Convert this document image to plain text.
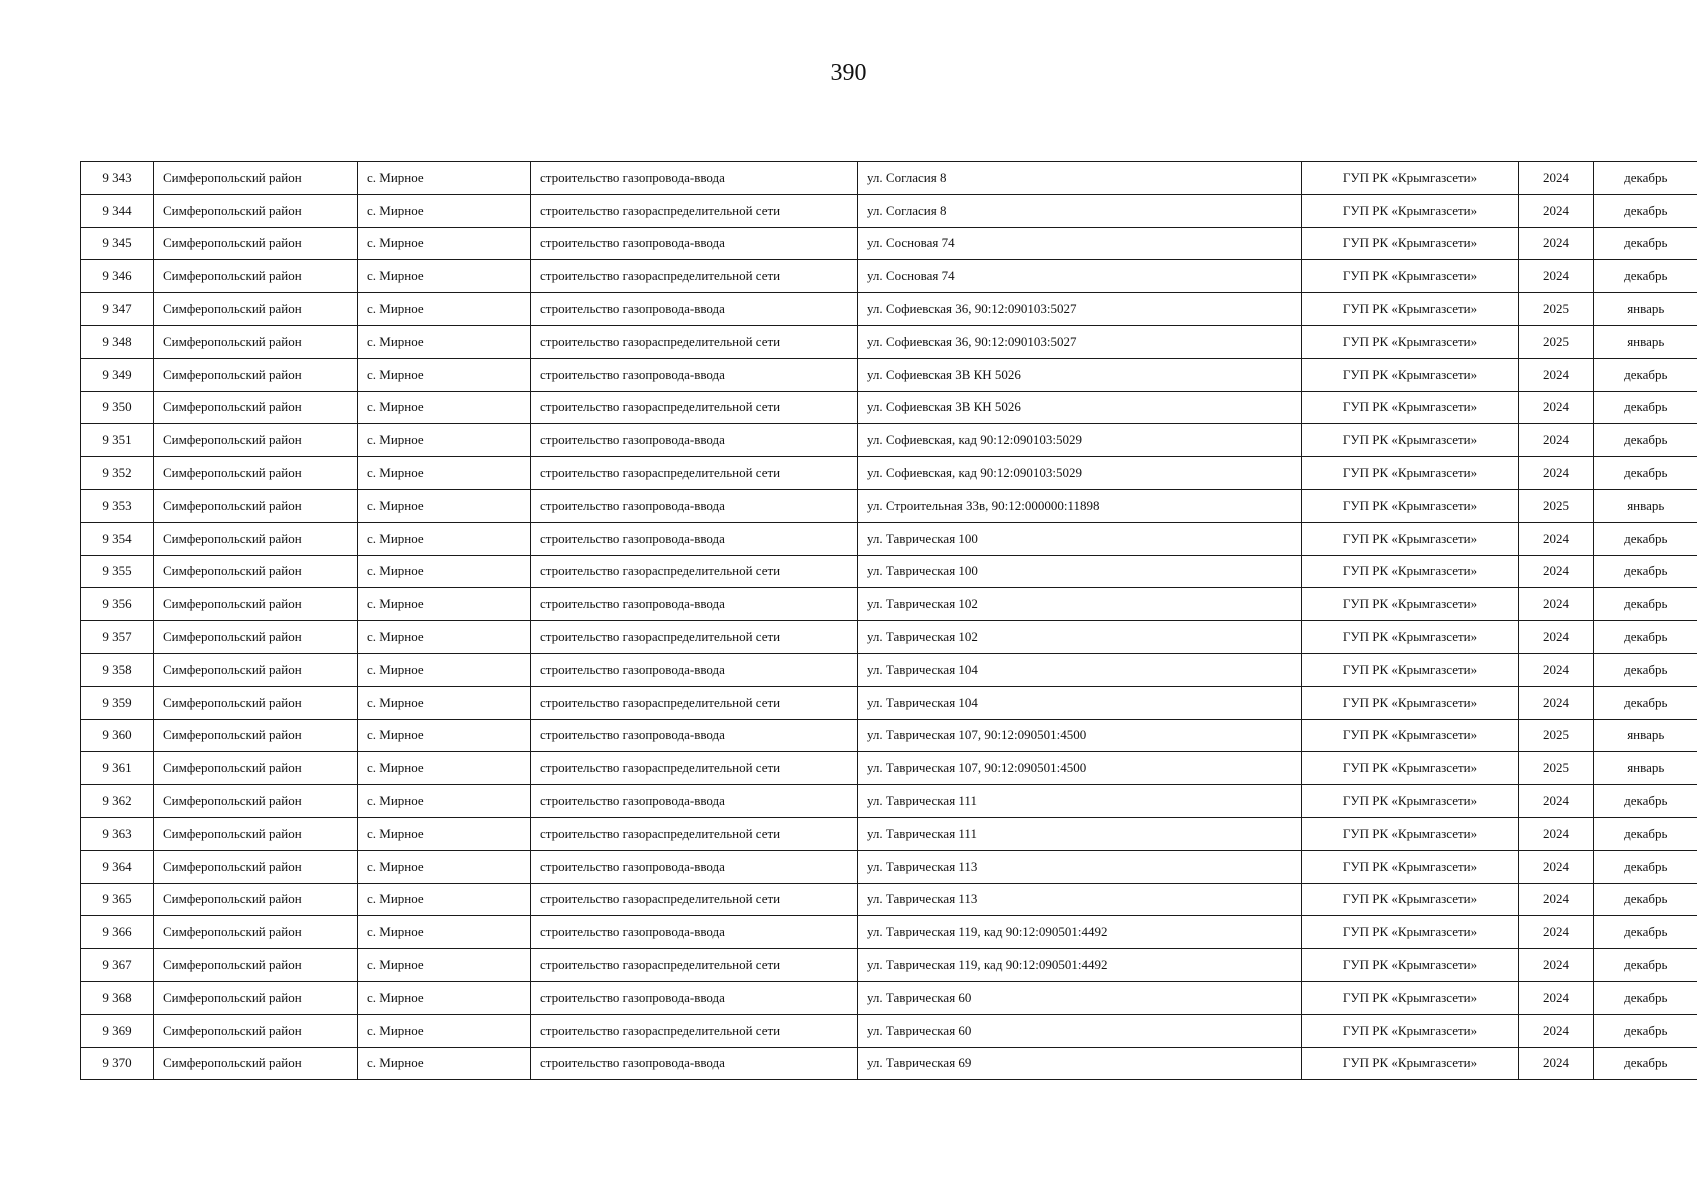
390
9 343	Симферопольский район	с. Мирное	строительство газопровода-ввода	ул. Согласия 8	ГУП РК «Крымгазсети»	2024	декабрь
9 344	Симферопольский район	с. Мирное	строительство газораспределительной сети	ул. Согласия 8	ГУП РК «Крымгазсети»	2024	декабрь
9 345	Симферопольский район	с. Мирное	строительство газопровода-ввода	ул. Сосновая 74	ГУП РК «Крымгазсети»	2024	декабрь
9 346	Симферопольский район	с. Мирное	строительство газораспределительной сети	ул. Сосновая 74	ГУП РК «Крымгазсети»	2024	декабрь
9 347	Симферопольский район	с. Мирное	строительство газопровода-ввода	ул. Софиевская 36, 90:12:090103:5027	ГУП РК «Крымгазсети»	2025	январь
9 348	Симферопольский район	с. Мирное	строительство газораспределительной сети	ул. Софиевская 36, 90:12:090103:5027	ГУП РК «Крымгазсети»	2025	январь
9 349	Симферопольский район	с. Мирное	строительство газопровода-ввода	ул. Софиевская 3В КН 5026	ГУП РК «Крымгазсети»	2024	декабрь
9 350	Симферопольский район	с. Мирное	строительство газораспределительной сети	ул. Софиевская 3В КН 5026	ГУП РК «Крымгазсети»	2024	декабрь
9 351	Симферопольский район	с. Мирное	строительство газопровода-ввода	ул. Софиевская, кад 90:12:090103:5029	ГУП РК «Крымгазсети»	2024	декабрь
9 352	Симферопольский район	с. Мирное	строительство газораспределительной сети	ул. Софиевская, кад 90:12:090103:5029	ГУП РК «Крымгазсети»	2024	декабрь
9 353	Симферопольский район	с. Мирное	строительство газопровода-ввода	ул. Строительная 33в, 90:12:000000:11898	ГУП РК «Крымгазсети»	2025	январь
9 354	Симферопольский район	с. Мирное	строительство газопровода-ввода	ул. Таврическая 100	ГУП РК «Крымгазсети»	2024	декабрь
9 355	Симферопольский район	с. Мирное	строительство газораспределительной сети	ул. Таврическая 100	ГУП РК «Крымгазсети»	2024	декабрь
9 356	Симферопольский район	с. Мирное	строительство газопровода-ввода	ул. Таврическая 102	ГУП РК «Крымгазсети»	2024	декабрь
9 357	Симферопольский район	с. Мирное	строительство газораспределительной сети	ул. Таврическая 102	ГУП РК «Крымгазсети»	2024	декабрь
9 358	Симферопольский район	с. Мирное	строительство газопровода-ввода	ул. Таврическая 104	ГУП РК «Крымгазсети»	2024	декабрь
9 359	Симферопольский район	с. Мирное	строительство газораспределительной сети	ул. Таврическая 104	ГУП РК «Крымгазсети»	2024	декабрь
9 360	Симферопольский район	с. Мирное	строительство газопровода-ввода	ул. Таврическая 107, 90:12:090501:4500	ГУП РК «Крымгазсети»	2025	январь
9 361	Симферопольский район	с. Мирное	строительство газораспределительной сети	ул. Таврическая 107, 90:12:090501:4500	ГУП РК «Крымгазсети»	2025	январь
9 362	Симферопольский район	с. Мирное	строительство газопровода-ввода	ул. Таврическая 111	ГУП РК «Крымгазсети»	2024	декабрь
9 363	Симферопольский район	с. Мирное	строительство газораспределительной сети	ул. Таврическая 111	ГУП РК «Крымгазсети»	2024	декабрь
9 364	Симферопольский район	с. Мирное	строительство газопровода-ввода	ул. Таврическая 113	ГУП РК «Крымгазсети»	2024	декабрь
9 365	Симферопольский район	с. Мирное	строительство газораспределительной сети	ул. Таврическая 113	ГУП РК «Крымгазсети»	2024	декабрь
9 366	Симферопольский район	с. Мирное	строительство газопровода-ввода	ул. Таврическая 119, кад 90:12:090501:4492	ГУП РК «Крымгазсети»	2024	декабрь
9 367	Симферопольский район	с. Мирное	строительство газораспределительной сети	ул. Таврическая 119, кад 90:12:090501:4492	ГУП РК «Крымгазсети»	2024	декабрь
9 368	Симферопольский район	с. Мирное	строительство газопровода-ввода	ул. Таврическая 60	ГУП РК «Крымгазсети»	2024	декабрь
9 369	Симферопольский район	с. Мирное	строительство газораспределительной сети	ул. Таврическая 60	ГУП РК «Крымгазсети»	2024	декабрь
9 370	Симферопольский район	с. Мирное	строительство газопровода-ввода	ул. Таврическая 69	ГУП РК «Крымгазсети»	2024	декабрь
